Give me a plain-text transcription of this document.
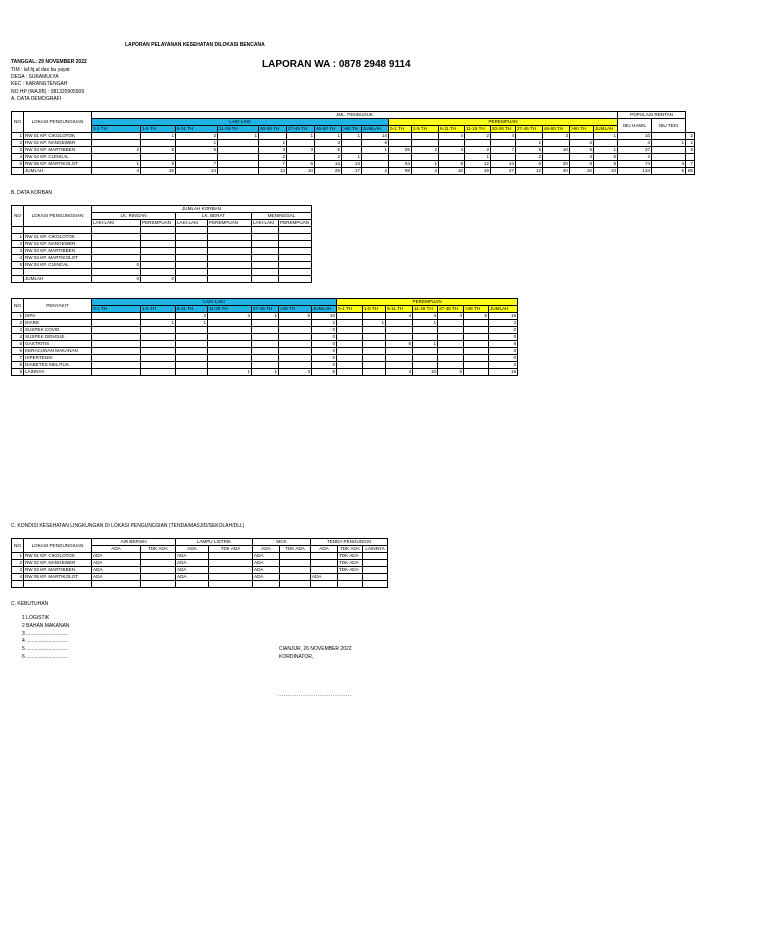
LAPORAN PELAYANAN KESEHATAN DILOKASI BENCANA
LAPORAN WA : 0878 2948 9114
TANGGAL: 29 NOVEMBER 2022
TIM : laf.hj.al dan bu yayat
DESA : SUKAMULYA
KEC : KARANGTENGAH
NO HP (WAJIB) : 081320905009
A. DATA DEMOGRAFI
NO	LOKASI PENGUNGSIAN	JML. PENDUDUK																		POPULASI RENTAN		
		LAKI-LAKI									PEREMPUAN									IBU HAMIL	IBU TEKI	
		0-1 TH	1-5 TH	6-11 TH	11-19 TH	20-26 TH	27-45 TH	46-60 TH	>60 TH	JUMLAH	0-1 TH	1-5 TH	6-11 TH	11-19 TH	20-26 TH	27-45 TH	46-60 TH	>60 TH	JUMLAH			
1	RW 01 KP. CIKOLOTOK		1	2	1		1	1	1	14			4	2	4		3		1	10		2
2	RW 02 KP. NANGEWER			1		1		3		6						1		2		4	1	1
3	RW 03 KP. MARTIBBEN	2	6	5		3	3	5		1	25	2	4	2	7	5	10	5	1	37		5
4	RW 04 KP. CIJINCAL					2		2	1					1		2		3	5	2		
5	RW 05 KP. MARTIKOLOT	1	6	7		7	6	14	13		54	1	8	12	14	6	20	8	5	74	4	7
	JUMLAH	4	15	14		13	10	29	17	2	99	3	16	19	27	12	40	16	10	134	5	85
B. DATA KORBAN
NO	LOKASI PENGUNGSIAN	JUMLAH KORBAN					
		LK. RINGAN		LK. BERAT		MENINGGAL	
		LAKI-LAKI	PEREMPUAN	LAKI-LAKI	PEREMPUAN	LAKI-LAKI	PEREMPUAN

1	RW 01 KP. CIKOLOTOK						
2	RW 02 KP. NANGEWER						
3	RW 03 KP. MARTIBBEN						
4	RW 04 KP. MARTIKOLOT						
5	RW 04 KP. CIJINCAL	0					

	JUMLAH	0	0				
NO	PENYAKIT	LAKI-LAKI							PEREMPUAN						
		0-1 TH	1-5 TH	6-11 TH	11-26 TH	27-45 TH	>45 TH	JUMLAH	0-1 TH	1-5 TH	6-11 TH	11-26 TH	27-45 TH	>45 TH	JUMLAH
1	ISPA			2	3	1	5	10			4	4	4	5	18
2	DIARE		1	1				2		1		1			2
3	SUSPEK COVID							0							0
4	SUSPEK DENGUE							0							0
5	GASTRITIS							0			5	1			6
6	KERACUNAN MAKANAN							0							0
7	HIPERTENSI							0							0
8	DIABETES MELITUS							0							0
9	LAINNYA				1	1	3	5			3	10	5		18
C. KONDISI KESEHATAN LINGKUNGAN DI LOKASI PENGUNGSIAN (TENDA/MASJID/SEKOLAH/DLL)
NO	LOKASI PENGUNGSIAN	AIR BERSIH		LAMPU LISTRIK		MCK		TENDA PENGUNGSI		
		ADA	TDK ADA	ADA	TDK ADA	ADA	TDK ADA	ADA	TDK ADA	LAINNYA
1	RW 01 KP. CIKOLOTOK	ADA		ADA		ADA			TDK ADA	
2	RW 02 KP. NANGEWER	ADA		ADA		ADA			TDK ADA	
3	RW 03 KP. MARTIBBEN	ADA		ADA		ADA			TDK ADA	
4	RW 05 KP. MARTIKOLOT	ADA		ADA		ADA		ADA		

C. KEBUTUHAN
1 LOGISTIK
2 BAHAN MAKANAN
3 ..............................
4 ..............................
5 ..............................
6 ..............................
CIANJUR, 26 NOVEMBER 2022
KORDINATOR,
.......................................
